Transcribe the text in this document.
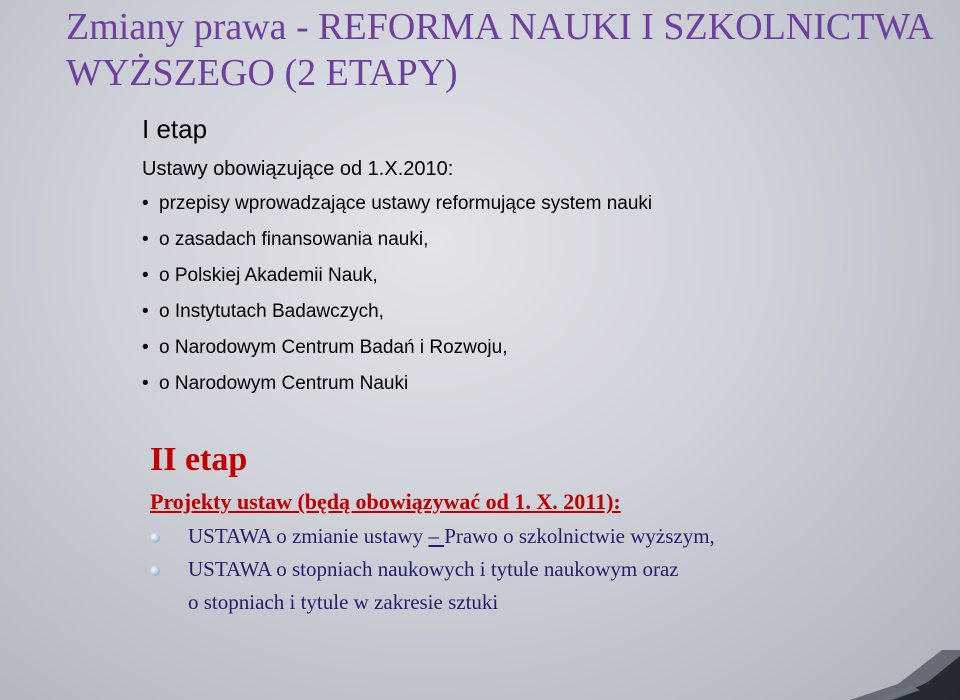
Zmiany prawa - REFORMA NAUKI I SZKOLNICTWA WYŻSZEGO (2 ETAPY)
I etap
Ustawy obowiązujące od 1.X.2010:
• przepisy wprowadzające ustawy reformujące system nauki
• o zasadach finansowania nauki,
• o Polskiej Akademii Nauk,
• o Instytutach Badawczych,
• o Narodowym Centrum Badań i Rozwoju,
• o Narodowym Centrum Nauki
II etap
Projekty ustaw (będą obowiązywać od 1. X. 2011):
USTAWA o zmianie ustawy – Prawo o szkolnictwie wyższym,
USTAWA o stopniach naukowych i tytule naukowym oraz
o stopniach i tytule w zakresie sztuki
